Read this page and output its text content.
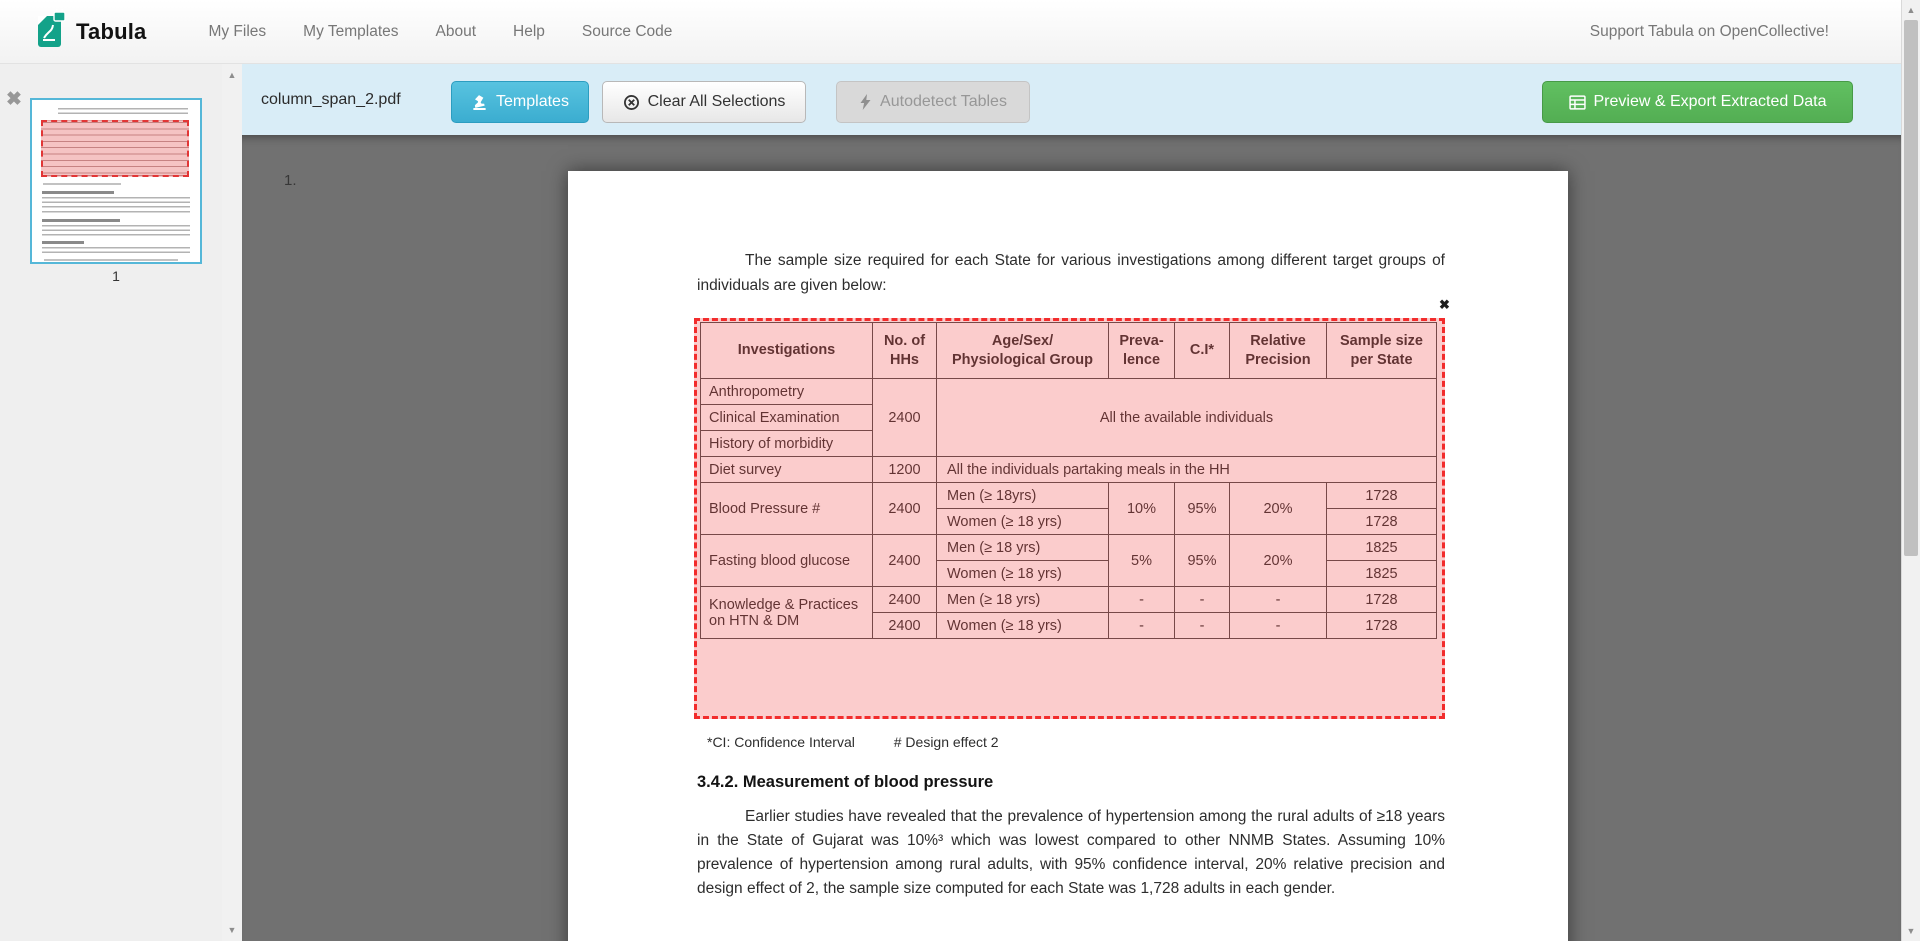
Tabula	My Files My Templates About Help Source Code	Support Tabula on OpenCollective!
▲
▼
column_span_2.pdf	Templates	Clear All Selections	Autodetect Tables	Preview & Export Extracted Data
✖
1
▲
▼
1.
The sample size required for each State for various investigations among different target groups of individuals are given below:
Investigations	No. of HHs	Age/Sex/ Physiological Group	Preva- lence	C.I*	Relative Precision	Sample size per State
Anthropometry	2400	All the available individuals				
Clinical Examination						
History of morbidity						
Diet survey	1200	All the individuals partaking meals in the HH				
Blood Pressure #	2400	Men (≥ 18yrs)	10%	95%	20%	1728
		Women (≥ 18 yrs)				1728
Fasting blood glucose	2400	Men (≥ 18 yrs)	5%	95%	20%	1825
		Women (≥ 18 yrs)				1825
Knowledge & Practices on HTN & DM	2400	Men (≥ 18 yrs)	-	-	-	1728
	2400	Women (≥ 18 yrs)	-	-	-	1728
✖
*CI: Confidence Interval	# Design effect 2
3.4.2. Measurement of blood pressure
Earlier studies have revealed that the prevalence of hypertension among the rural adults of ≥18 years in the State of Gujarat was 10%³ which was lowest compared to other NNMB States. Assuming 10% prevalence of hypertension among rural adults, with 95% confidence interval, 20% relative precision and design effect of 2, the sample size computed for each State was 1,728 adults in each gender.
